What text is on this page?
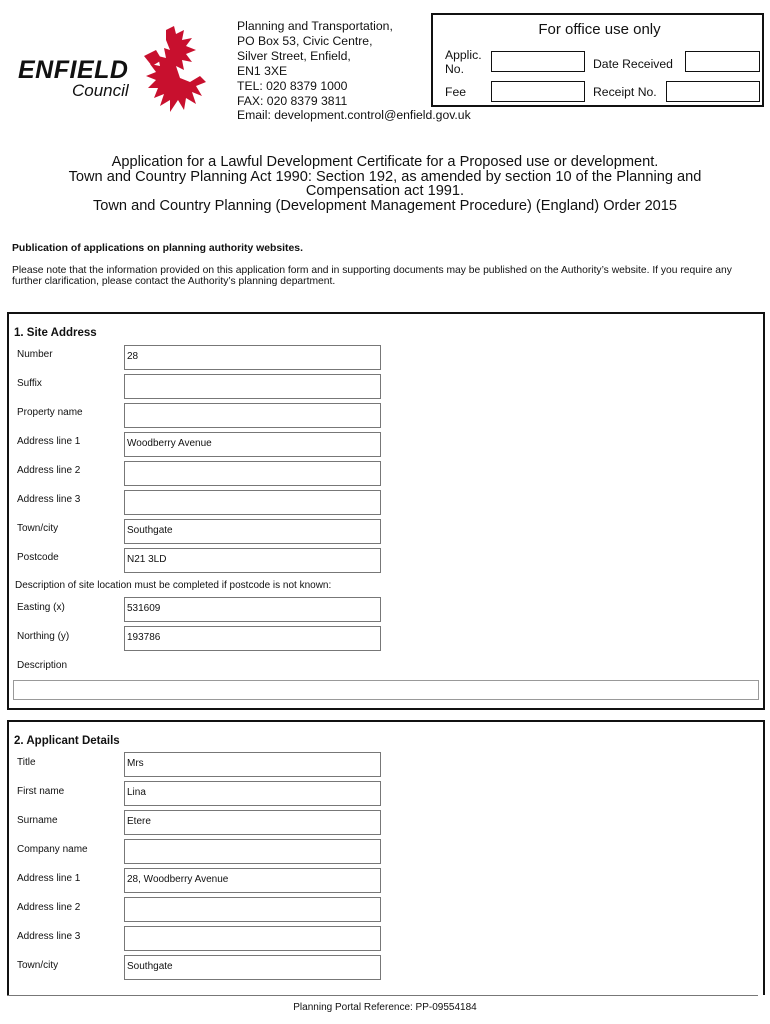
ENFIELD
Council
Planning and Transportation,
PO Box 53, Civic Centre,
Silver Street, Enfield,
EN1 3XE
TEL: 020 8379 1000
FAX: 020 8379 3811
Email: development.control@enfield.gov.uk
For office use only
Applic.
No.	Date Received
Fee	Receipt No.
Application for a Lawful Development Certificate for a Proposed use or development.
Town and Country Planning Act 1990: Section 192, as amended by section 10 of the Planning and
Compensation act 1991.
Town and Country Planning (Development Management Procedure) (England) Order 2015
Publication of applications on planning authority websites.
Please note that the information provided on this application form and in supporting documents may be published on the Authority’s website. If you require any further clarification, please contact the Authority’s planning department.
1. Site Address
Number	28
Suffix
Property name
Address line 1	Woodberry Avenue
Address line 2
Address line 3
Town/city	Southgate
Postcode	N21 3LD
Description of site location must be completed if postcode is not known:
Easting (x)	531609
Northing (y)	193786
Description
2. Applicant Details
Title	Mrs
First name	Lina
Surname	Etere
Company name
Address line 1	28, Woodberry Avenue
Address line 2
Address line 3
Town/city	Southgate
Planning Portal Reference: PP-09554184
